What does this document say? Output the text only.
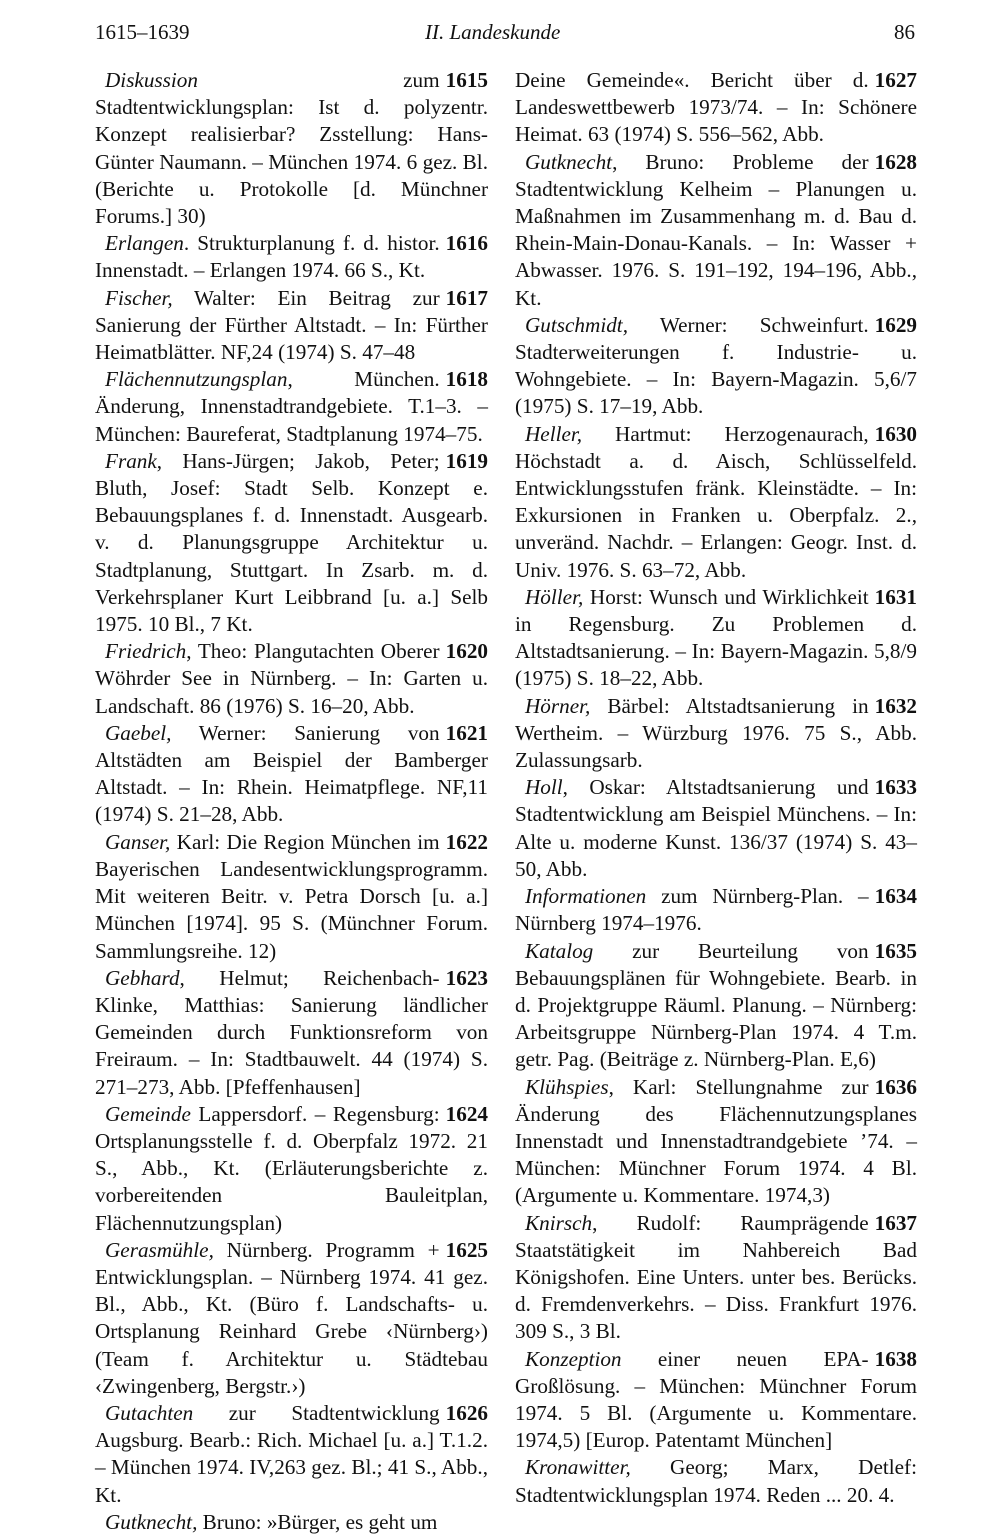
1615–1639	II. Landeskunde	86

1615
Diskussion zum Stadtentwicklungsplan: Ist d. polyzentr. Konzept realisierbar? Zsstellung: Hans-Günter Naumann. – München 1974. 6 gez. Bl. (Berichte u. Protokolle [d. Münchner Forums.] 30)

1616
Erlangen. Strukturplanung f. d. histor. Innenstadt. – Erlangen 1974. 66 S., Kt.

1617
Fischer, Walter: Ein Beitrag zur Sanierung der Fürther Altstadt. – In: Fürther Heimatblätter. NF,24 (1974) S. 47–48

1618
Flächennutzungsplan, München. Änderung, Innenstadtrandgebiete. T.1–3. – München: Baureferat, Stadtplanung 1974–75.

1619
Frank, Hans-Jürgen; Jakob, Peter; Bluth, Josef: Stadt Selb. Konzept e. Bebauungsplanes f. d. Innenstadt. Ausgearb. v. d. Planungsgruppe Architektur u. Stadtplanung, Stuttgart. In Zsarb. m. d. Verkehrsplaner Kurt Leibbrand [u. a.] Selb 1975. 10 Bl., 7 Kt.

1620
Friedrich, Theo: Plangutachten Oberer Wöhrder See in Nürnberg. – In: Garten u. Landschaft. 86 (1976) S. 16–20, Abb.

1621
Gaebel, Werner: Sanierung von Altstädten am Beispiel der Bamberger Altstadt. – In: Rhein. Heimatpflege. NF,11 (1974) S. 21–28, Abb.

1622
Ganser, Karl: Die Region München im Bayerischen Landesentwicklungsprogramm. Mit weiteren Beitr. v. Petra Dorsch [u. a.] München [1974]. 95 S. (Münchner Forum. Sammlungsreihe. 12)

1623
Gebhard, Helmut; Reichenbach-Klinke, Matthias: Sanierung ländlicher Gemeinden durch Funktionsreform von Freiraum. – In: Stadtbauwelt. 44 (1974) S. 271–273, Abb. [Pfeffenhausen]

1624
Gemeinde Lappersdorf. – Regensburg: Ortsplanungsstelle f. d. Oberpfalz 1972. 21 S., Abb., Kt. (Erläuterungsberichte z. vorbereitenden Bauleitplan, Flächennutzungsplan)

1625
Gerasmühle, Nürnberg. Programm + Entwicklungsplan. – Nürnberg 1974. 41 gez. Bl., Abb., Kt. (Büro f. Landschafts- u. Ortsplanung Reinhard Grebe ‹Nürnberg›) (Team f. Architektur u. Städtebau ‹Zwingenberg, Bergstr.›)

1626
Gutachten zur Stadtentwicklung Augsburg. Bearb.: Rich. Michael [u. a.] T.1.2. – München 1974. IV,263 gez. Bl.; 41 S., Abb., Kt.

Gutknecht, Bruno: »Bürger, es geht um

1627
Deine Gemeinde«. Bericht über d. Landeswettbewerb 1973/74. – In: Schönere Heimat. 63 (1974) S. 556–562, Abb.

1628
Gutknecht, Bruno: Probleme der Stadtentwicklung Kelheim – Planungen u. Maßnahmen im Zusammenhang m. d. Bau d. Rhein-Main-Donau-Kanals. – In: Wasser + Abwasser. 1976. S. 191–192, 194–196, Abb., Kt.

1629
Gutschmidt, Werner: Schweinfurt. Stadterweiterungen f. Industrie- u. Wohngebiete. – In: Bayern-Magazin. 5,6/7 (1975) S. 17–19, Abb.

1630
Heller, Hartmut: Herzogenaurach, Höchstadt a. d. Aisch, Schlüsselfeld. Entwicklungsstufen fränk. Kleinstädte. – In: Exkursionen in Franken u. Oberpfalz. 2., unveränd. Nachdr. – Erlangen: Geogr. Inst. d. Univ. 1976. S. 63–72, Abb.

1631
Höller, Horst: Wunsch und Wirklichkeit in Regensburg. Zu Problemen d. Altstadtsanierung. – In: Bayern-Magazin. 5,8/9 (1975) S. 18–22, Abb.

1632
Hörner, Bärbel: Altstadtsanierung in Wertheim. – Würzburg 1976. 75 S., Abb. Zulassungsarb.

1633
Holl, Oskar: Altstadtsanierung und Stadtentwicklung am Beispiel Münchens. – In: Alte u. moderne Kunst. 136/37 (1974) S. 43–50, Abb.

1634
Informationen zum Nürnberg-Plan. – Nürnberg 1974–1976.

1635
Katalog zur Beurteilung von Bebauungsplänen für Wohngebiete. Bearb. in d. Projektgruppe Räuml. Planung. – Nürnberg: Arbeitsgruppe Nürnberg-Plan 1974. 4 T.m. getr. Pag. (Beiträge z. Nürnberg-Plan. E,6)

1636
Klühspies, Karl: Stellungnahme zur Änderung des Flächennutzungsplanes Innenstadt und Innenstadtrandgebiete ’74. – München: Münchner Forum 1974. 4 Bl. (Argumente u. Kommentare. 1974,3)

1637
Knirsch, Rudolf: Raumprägende Staatstätigkeit im Nahbereich Bad Königshofen. Eine Unters. unter bes. Berücks. d. Fremdenverkehrs. – Diss. Frankfurt 1976. 309 S., 3 Bl.

1638
Konzeption einer neuen EPA-Großlösung. – München: Münchner Forum 1974. 5 Bl. (Argumente u. Kommentare. 1974,5) [Europ. Patentamt München]

Kronawitter, Georg; Marx, Detlef: Stadtentwicklungsplan 1974. Reden ... 20. 4.
